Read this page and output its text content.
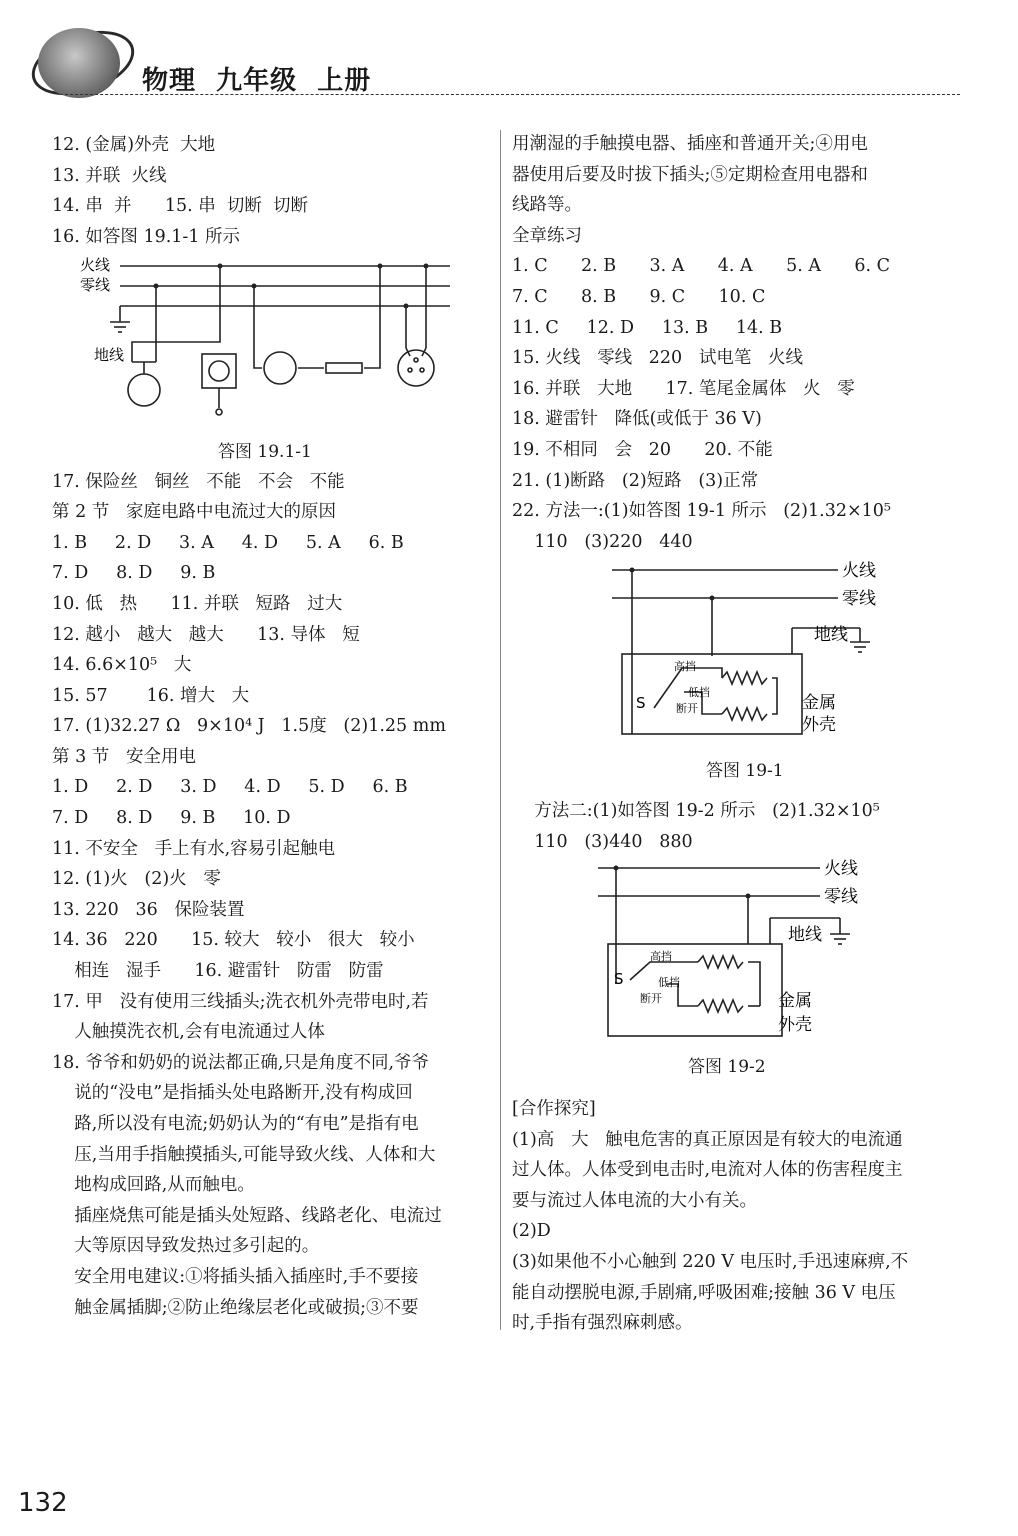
物理  九年级  上册
12. (金属)外壳  大地
13. 并联  火线
14. 串  并      15. 串  切断  切断
16. 如答图 19.1-1 所示
17. 保险丝   铜丝   不能   不会   不能
第 2 节   家庭电路中电流过大的原因
1. B     2. D     3. A     4. D     5. A     6. B
7. D     8. D     9. B
10. 低   热      11. 并联   短路   过大
12. 越小   越大   越大      13. 导体   短
14. 6.6×10⁵   大
15. 57       16. 增大   大
17. (1)32.27 Ω   9×10⁴ J   1.5度   (2)1.25 mm
第 3 节   安全用电
1. D     2. D     3. D     4. D     5. D     6. B
7. D     8. D     9. B     10. D
11. 不安全   手上有水,容易引起触电
12. (1)火   (2)火   零
13. 220   36   保险装置
14. 36   220      15. 较大   较小   很大   较小
相连   湿手      16. 避雷针   防雷   防雷
17. 甲   没有使用三线插头;洗衣机外壳带电时,若
人触摸洗衣机,会有电流通过人体
18. 爷爷和奶奶的说法都正确,只是角度不同,爷爷
说的“没电”是指插头处电路断开,没有构成回
路,所以没有电流;奶奶认为的“有电”是指有电
压,当用手指触摸插头,可能导致火线、人体和大
地构成回路,从而触电。
插座烧焦可能是插头处短路、线路老化、电流过
大等原因导致发热过多引起的。
安全用电建议:①将插头插入插座时,手不要接
触金属插脚;②防止绝缘层老化或破损;③不要
火线
零线
地线
答图 19.1-1
用潮湿的手触摸电器、插座和普通开关;④用电
器使用后要及时拔下插头;⑤定期检查用电器和
线路等。
全章练习
1. C      2. B      3. A      4. A      5. A      6. C
7. C      8. B      9. C      10. C
11. C     12. D     13. B     14. B
15. 火线   零线   220   试电笔   火线
16. 并联   大地      17. 笔尾金属体   火   零
18. 避雷针   降低(或低于 36 V)
19. 不相同   会   20      20. 不能
21. (1)断路   (2)短路   (3)正常
22. 方法一:(1)如答图 19-1 所示   (2)1.32×10⁵
110   (3)220   440
火线
零线
地线
高挡
低挡
断开
S	金属
外壳
答图 19-1
方法二:(1)如答图 19-2 所示   (2)1.32×10⁵
110   (3)440   880
火线
零线
地线
高挡
低挡
断开
S
金属
外壳
答图 19-2
[合作探究]
(1)高   大   触电危害的真正原因是有较大的电流通
过人体。人体受到电击时,电流对人体的伤害程度主
要与流过人体电流的大小有关。
(2)D
(3)如果他不小心触到 220 V 电压时,手迅速麻痹,不
能自动摆脱电源,手剧痛,呼吸困难;接触 36 V 电压
时,手指有强烈麻刺感。
132
